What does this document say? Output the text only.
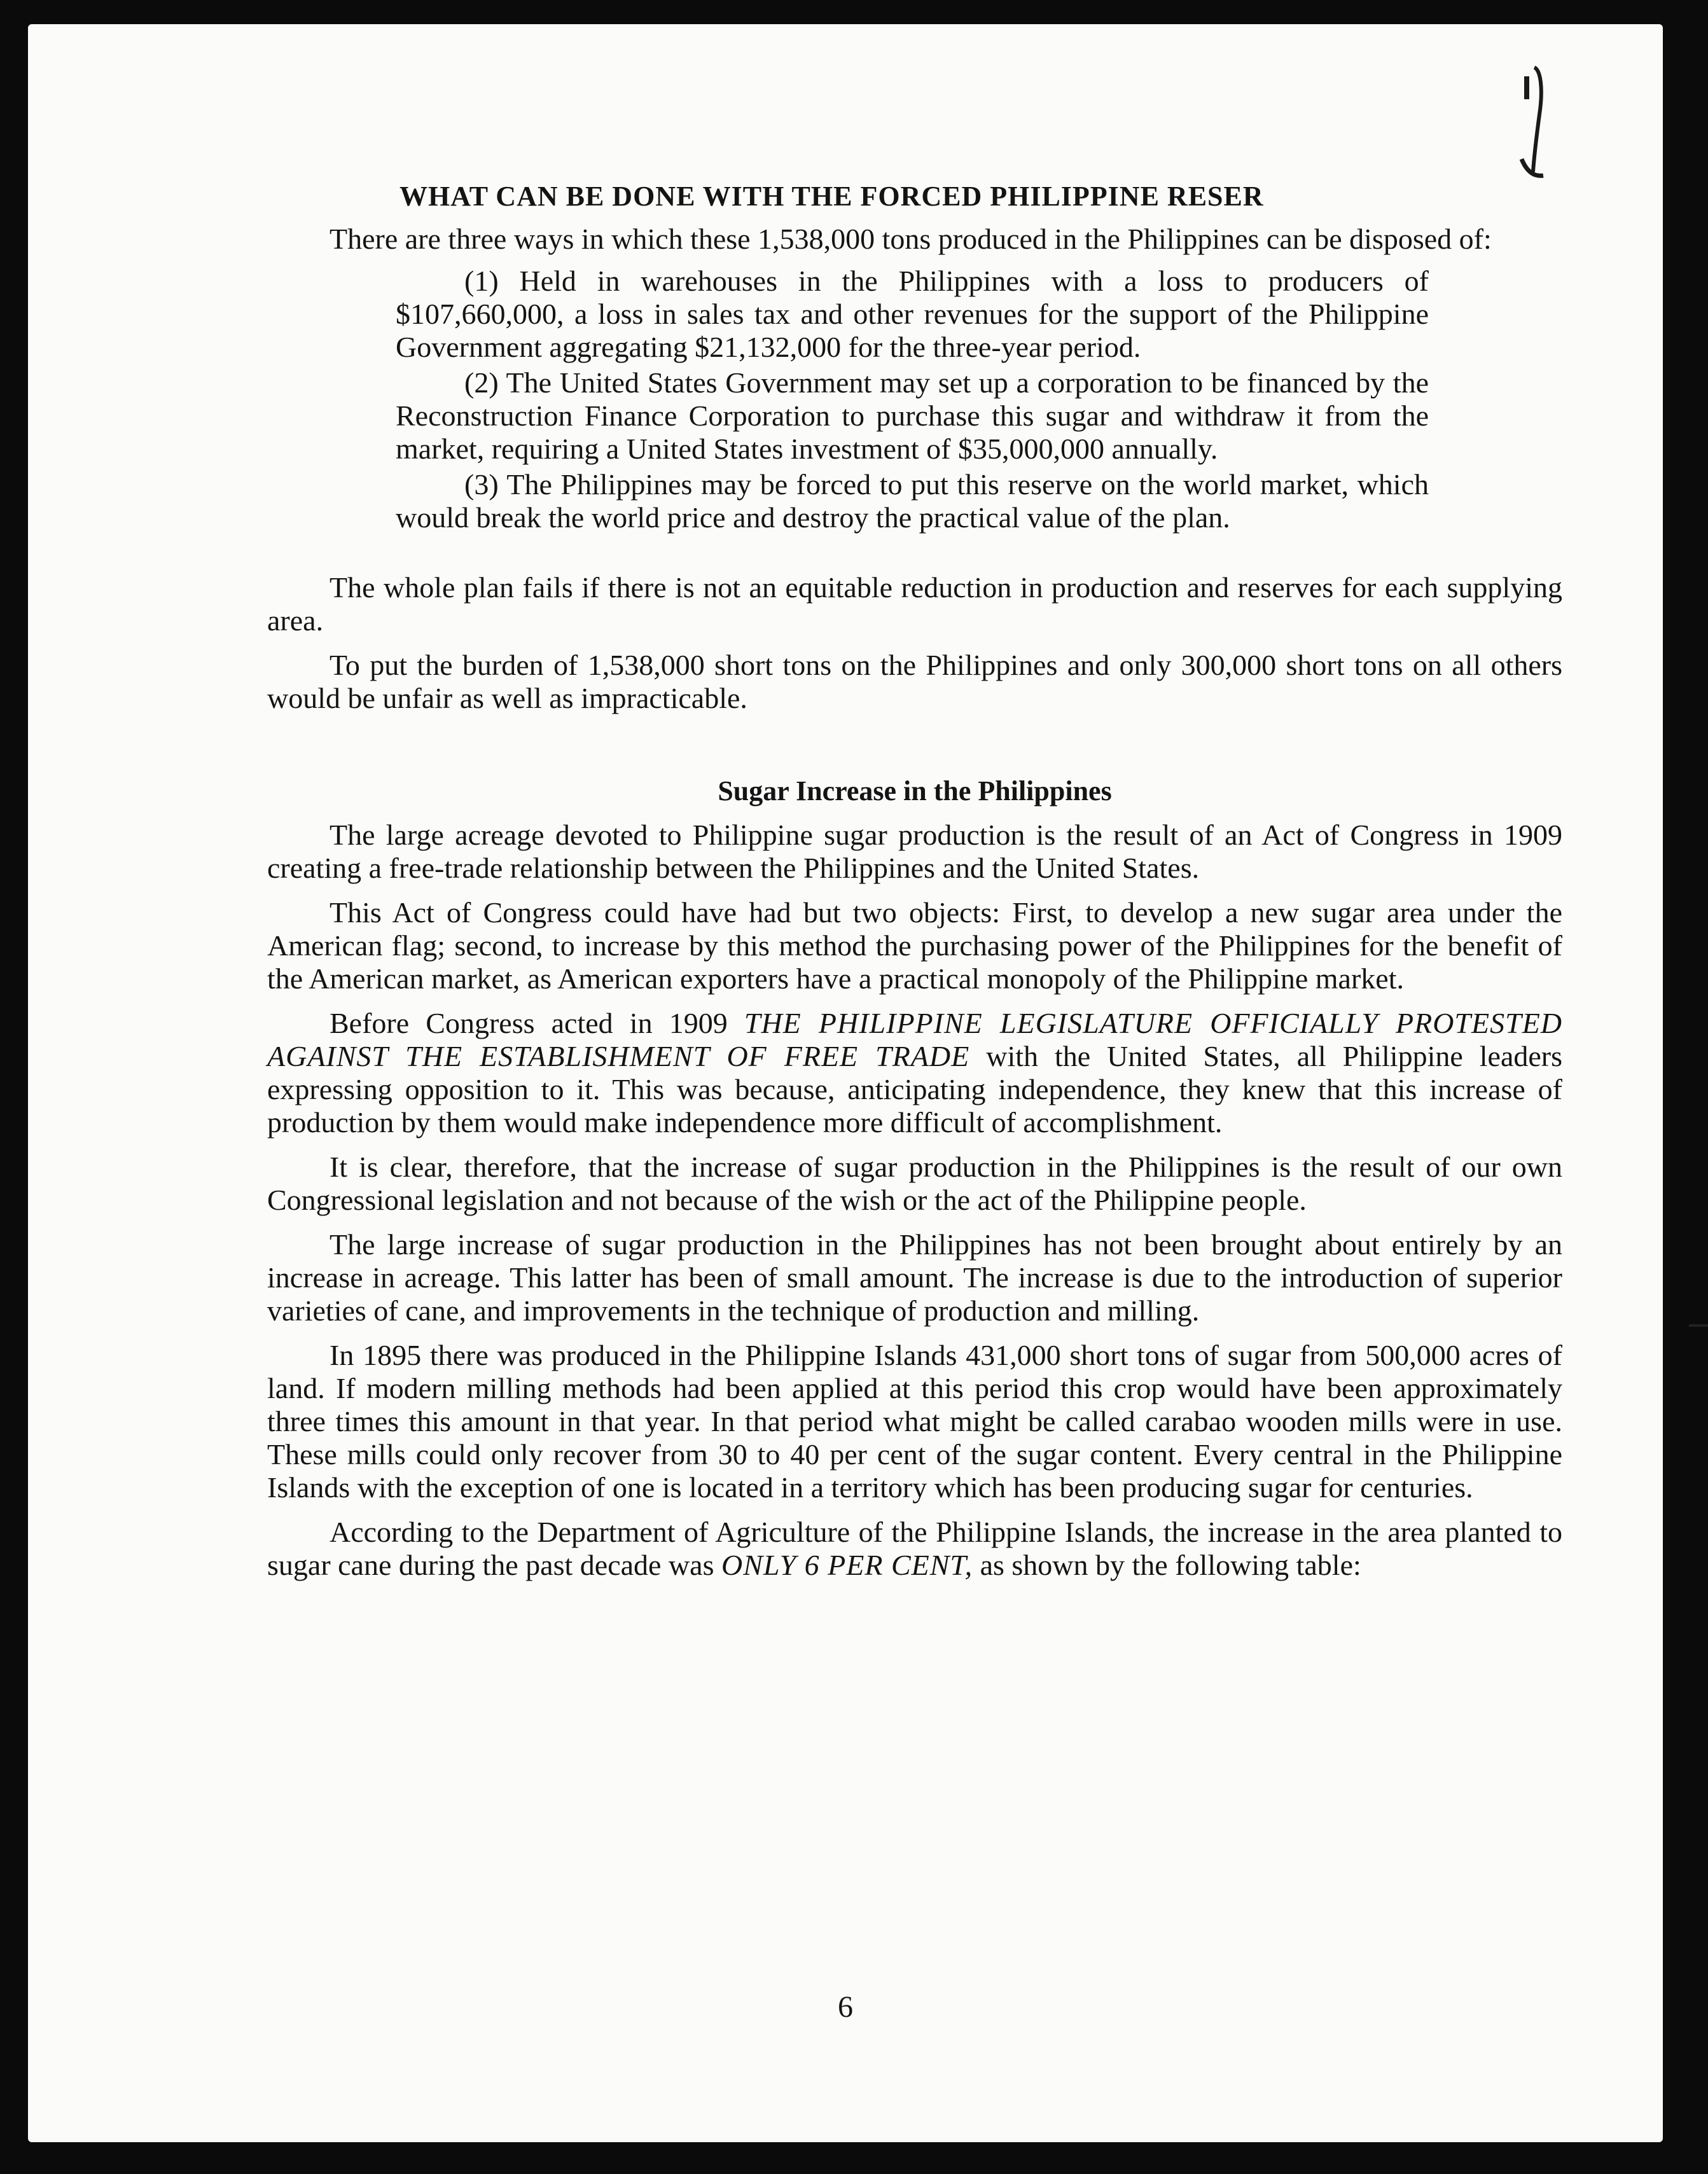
WHAT CAN BE DONE WITH THE FORCED PHILIPPINE RESER

There are three ways in which these 1,538,000 tons produced in the Philippines can be disposed of:

(1) Held in warehouses in the Philippines with a loss to producers of $107,660,000, a loss in sales tax and other revenues for the support of the Philippine Government aggregating $21,132,000 for the three-year period.

(2) The United States Government may set up a corporation to be financed by the Reconstruction Finance Corporation to purchase this sugar and withdraw it from the market, requiring a United States investment of $35,000,000 annually.

(3) The Philippines may be forced to put this reserve on the world market, which would break the world price and destroy the practical value of the plan.

The whole plan fails if there is not an equitable reduction in production and reserves for each supplying area.

To put the burden of 1,538,000 short tons on the Philippines and only 300,000 short tons on all others would be unfair as well as impracticable.

Sugar Increase in the Philippines

The large acreage devoted to Philippine sugar production is the result of an Act of Congress in 1909 creating a free-trade relationship between the Philippines and the United States.

This Act of Congress could have had but two objects: First, to develop a new sugar area under the American flag; second, to increase by this method the purchasing power of the Philippines for the benefit of the American market, as American exporters have a practical monopoly of the Philippine market.

Before Congress acted in 1909 THE PHILIPPINE LEGISLATURE OFFICIALLY PROTESTED AGAINST THE ESTABLISHMENT OF FREE TRADE with the United States, all Philippine leaders expressing opposition to it. This was because, anticipating independence, they knew that this increase of production by them would make independence more difficult of accomplishment.

It is clear, therefore, that the increase of sugar production in the Philippines is the result of our own Congressional legislation and not because of the wish or the act of the Philippine people.

The large increase of sugar production in the Philippines has not been brought about entirely by an increase in acreage. This latter has been of small amount. The increase is due to the introduction of superior varieties of cane, and improvements in the technique of production and milling.

In 1895 there was produced in the Philippine Islands 431,000 short tons of sugar from 500,000 acres of land. If modern milling methods had been applied at this period this crop would have been approximately three times this amount in that year. In that period what might be called carabao wooden mills were in use. These mills could only recover from 30 to 40 per cent of the sugar content. Every central in the Philippine Islands with the exception of one is located in a territory which has been producing sugar for centuries.

According to the Department of Agriculture of the Philippine Islands, the increase in the area planted to sugar cane during the past decade was ONLY 6 PER CENT, as shown by the following table:

6
